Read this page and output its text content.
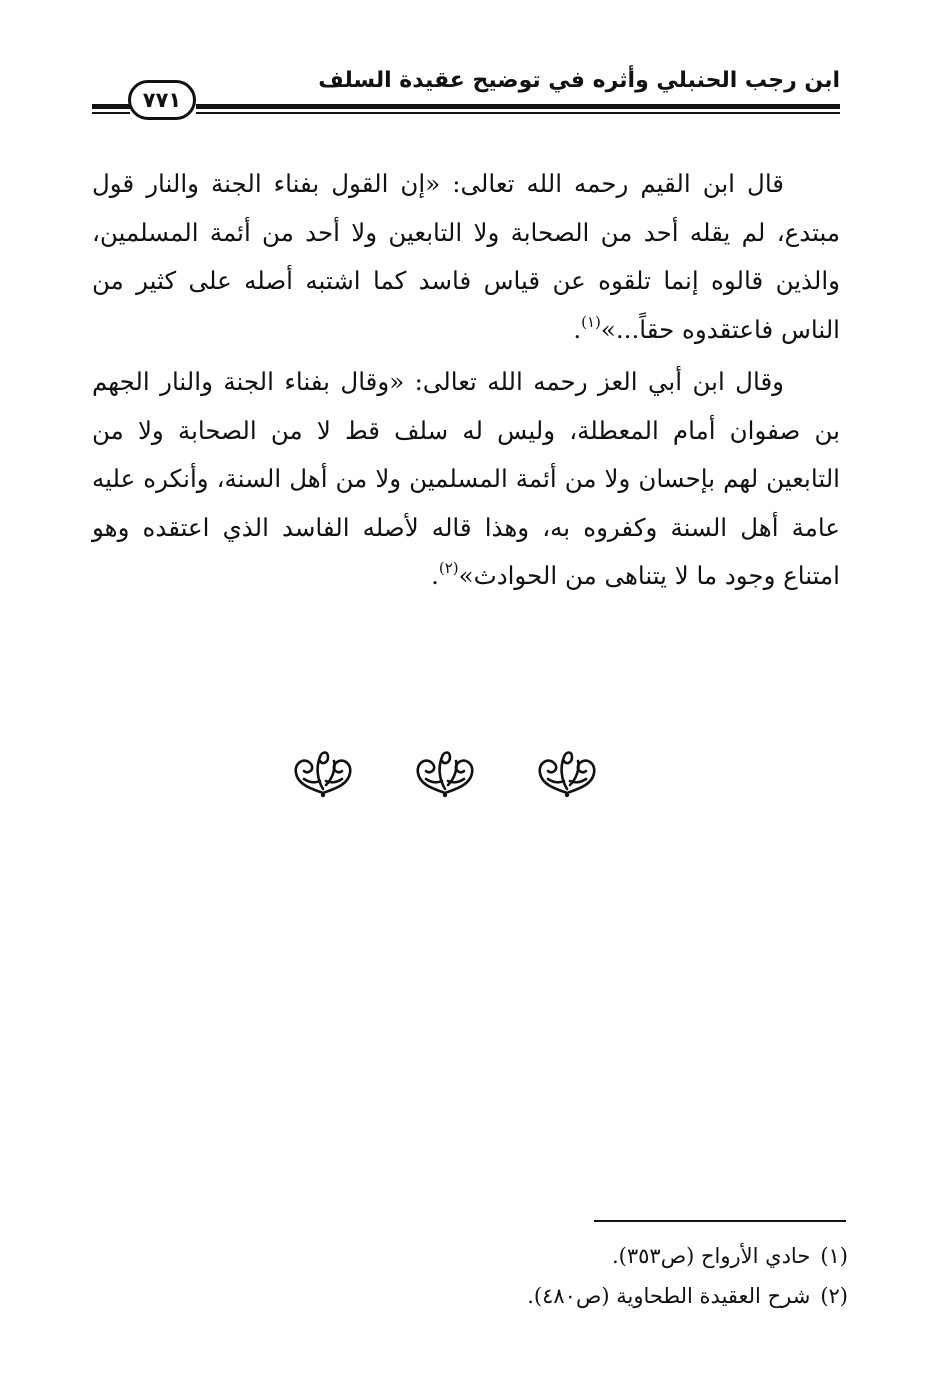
ابن رجب الحنبلي وأثره في توضيح عقيدة السلف
٧٧١

قال ابن القيم رحمه الله تعالى: «إن القول بفناء الجنة والنار قول مبتدع، لم يقله أحد من الصحابة ولا التابعين ولا أحد من أئمة المسلمين، والذين قالوه إنما تلقوه عن قياس فاسد كما اشتبه أصله على كثير من الناس فاعتقدوه حقاً...»$^{(١)}$.

وقال ابن أبي العز رحمه الله تعالى: «وقال بفناء الجنة والنار الجهم بن صفوان أمام المعطلة، وليس له سلف قط لا من الصحابة ولا من التابعين لهم بإحسان ولا من أئمة المسلمين ولا من أهل السنة، وأنكره عليه عامة أهل السنة وكفروه به، وهذا قاله لأصله الفاسد الذي اعتقده وهو امتناع وجود ما لا يتناهى من الحوادث»$^{(٢)}$.

(١)حادي الأرواح (ص٣٥٣).

(٢)شرح العقيدة الطحاوية (ص٤٨٠).
